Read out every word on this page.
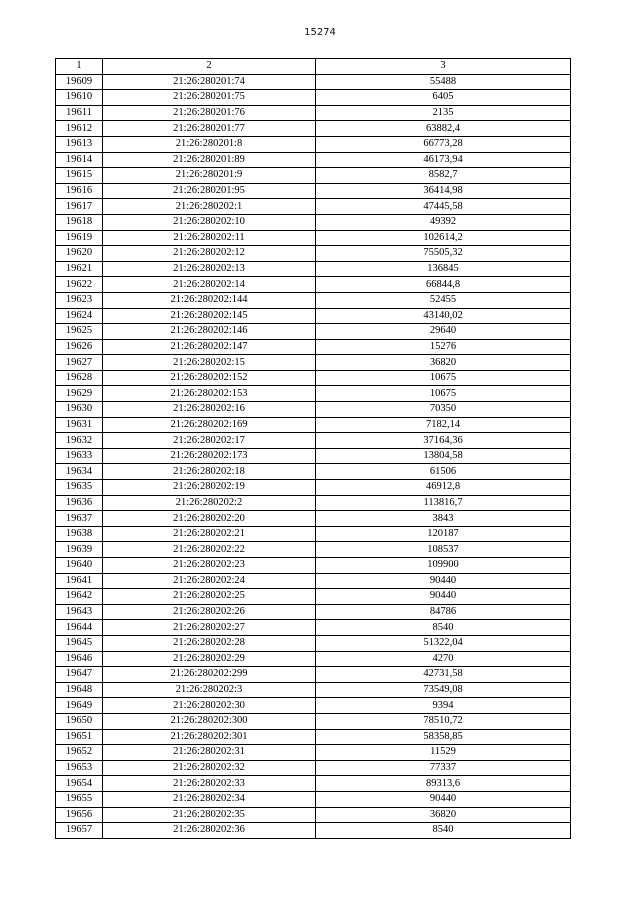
15274
1	2	3
19609	21:26:280201:74	55488
19610	21:26:280201:75	6405
19611	21:26:280201:76	2135
19612	21:26:280201:77	63882,4
19613	21:26:280201:8	66773,28
19614	21:26:280201:89	46173,94
19615	21:26:280201:9	8582,7
19616	21:26:280201:95	36414,98
19617	21:26:280202:1	47445,58
19618	21:26:280202:10	49392
19619	21:26:280202:11	102614,2
19620	21:26:280202:12	75505,32
19621	21:26:280202:13	136845
19622	21:26:280202:14	66844,8
19623	21:26:280202:144	52455
19624	21:26:280202:145	43140,02
19625	21:26:280202:146	29640
19626	21:26:280202:147	15276
19627	21:26:280202:15	36820
19628	21:26:280202:152	10675
19629	21:26:280202:153	10675
19630	21:26:280202:16	70350
19631	21:26:280202:169	7182,14
19632	21:26:280202:17	37164,36
19633	21:26:280202:173	13804,58
19634	21:26:280202:18	61506
19635	21:26:280202:19	46912,8
19636	21:26:280202:2	113816,7
19637	21:26:280202:20	3843
19638	21:26:280202:21	120187
19639	21:26:280202:22	108537
19640	21:26:280202:23	109900
19641	21:26:280202:24	90440
19642	21:26:280202:25	90440
19643	21:26:280202:26	84786
19644	21:26:280202:27	8540
19645	21:26:280202:28	51322,04
19646	21:26:280202:29	4270
19647	21:26:280202:299	42731,58
19648	21:26:280202:3	73549,08
19649	21:26:280202:30	9394
19650	21:26:280202:300	78510,72
19651	21:26:280202:301	58358,85
19652	21:26:280202:31	11529
19653	21:26:280202:32	77337
19654	21:26:280202:33	89313,6
19655	21:26:280202:34	90440
19656	21:26:280202:35	36820
19657	21:26:280202:36	8540
